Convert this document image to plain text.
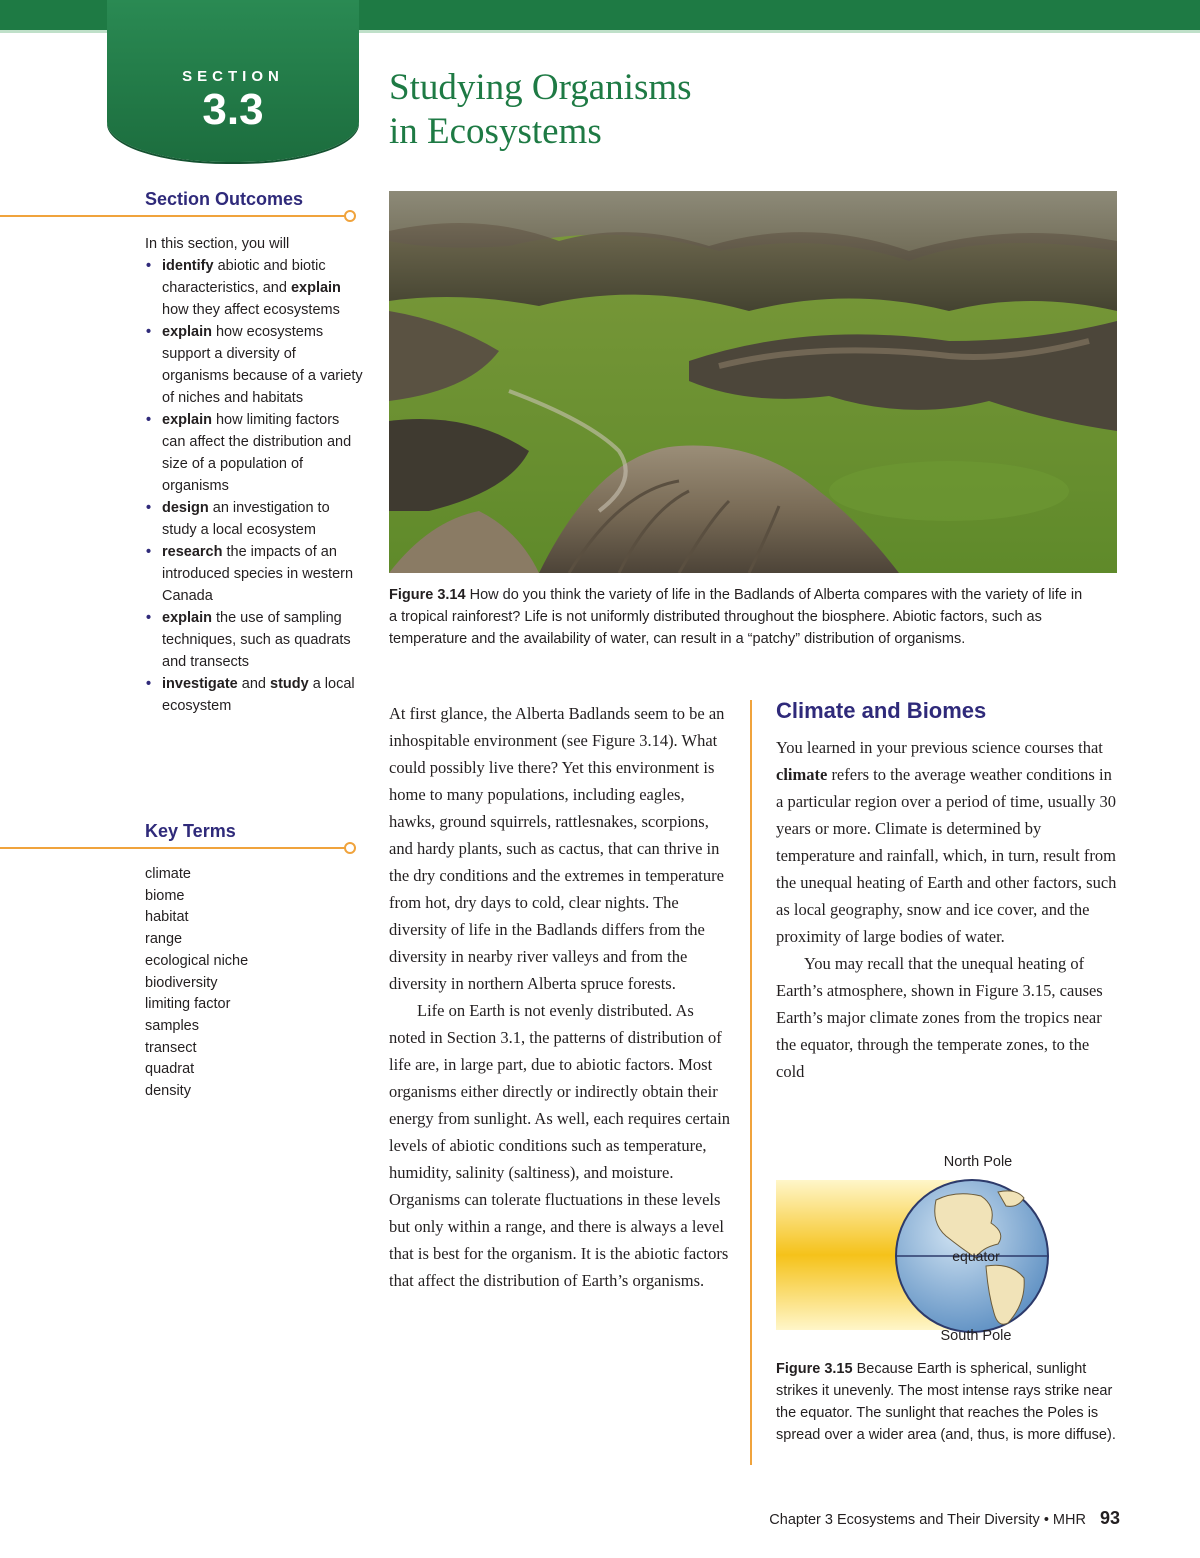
SECTION
3.3	Studying Organisms
in Ecosystems
Section Outcomes
In this section, you will
• identify abiotic and biotic characteristics, and explain how they affect ecosystems
• explain how ecosystems support a diversity of organisms because of a variety of niches and habitats
• explain how limiting factors can affect the distribution and size of a population of organisms
• design an investigation to study a local ecosystem
• research the impacts of an introduced species in western Canada
• explain the use of sampling techniques, such as quadrats and transects
• investigate and study a local ecosystem
Key Terms
climate
biome
habitat
range
ecological niche
biodiversity
limiting factor
samples
transect
quadrat
density
Figure 3.14 How do you think the variety of life in the Badlands of Alberta compares with the variety of life in a tropical rainforest? Life is not uniformly distributed throughout the biosphere. Abiotic factors, such as temperature and the availability of water, can result in a “patchy” distribution of organisms.

At first glance, the Alberta Badlands seem to be an inhospitable environment (see Figure 3.14). What could possibly live there? Yet this environment is home to many populations, including eagles, hawks, ground squirrels, rattlesnakes, scorpions, and hardy plants, such as cactus, that can thrive in the dry conditions and the extremes in temperature from hot, dry days to cold, clear nights. The diversity of life in the Badlands differs from the diversity in nearby river valleys and from the diversity in northern Alberta spruce forests.

Life on Earth is not evenly distributed. As noted in Section 3.1, the patterns of distribution of life are, in large part, due to abiotic factors. Most organisms either directly or indirectly obtain their energy from sunlight. As well, each requires certain levels of abiotic conditions such as temperature, humidity, salinity (saltiness), and moisture. Organisms can tolerate fluctuations in these levels but only within a range, and there is always a level that is best for the organism. It is the abiotic factors that affect the distribution of Earth’s organisms.

Climate and Biomes

You learned in your previous science courses that climate refers to the average weather conditions in a particular region over a period of time, usually 30 years or more. Climate is determined by temperature and rainfall, which, in turn, result from the unequal heating of Earth and other factors, such as local geography, snow and ice cover, and the proximity of large bodies of water.

You may recall that the unequal heating of Earth’s atmosphere, shown in Figure 3.15, causes Earth’s major climate zones from the tropics near the equator, through the temperate zones, to the cold

North Pole
equator
South Pole
Figure 3.15 Because Earth is spherical, sunlight strikes it unevenly. The most intense rays strike near the equator. The sunlight that reaches the Poles is spread over a wider area (and, thus, is more diffuse).
Chapter 3 Ecosystems and Their Diversity • MHR 93
